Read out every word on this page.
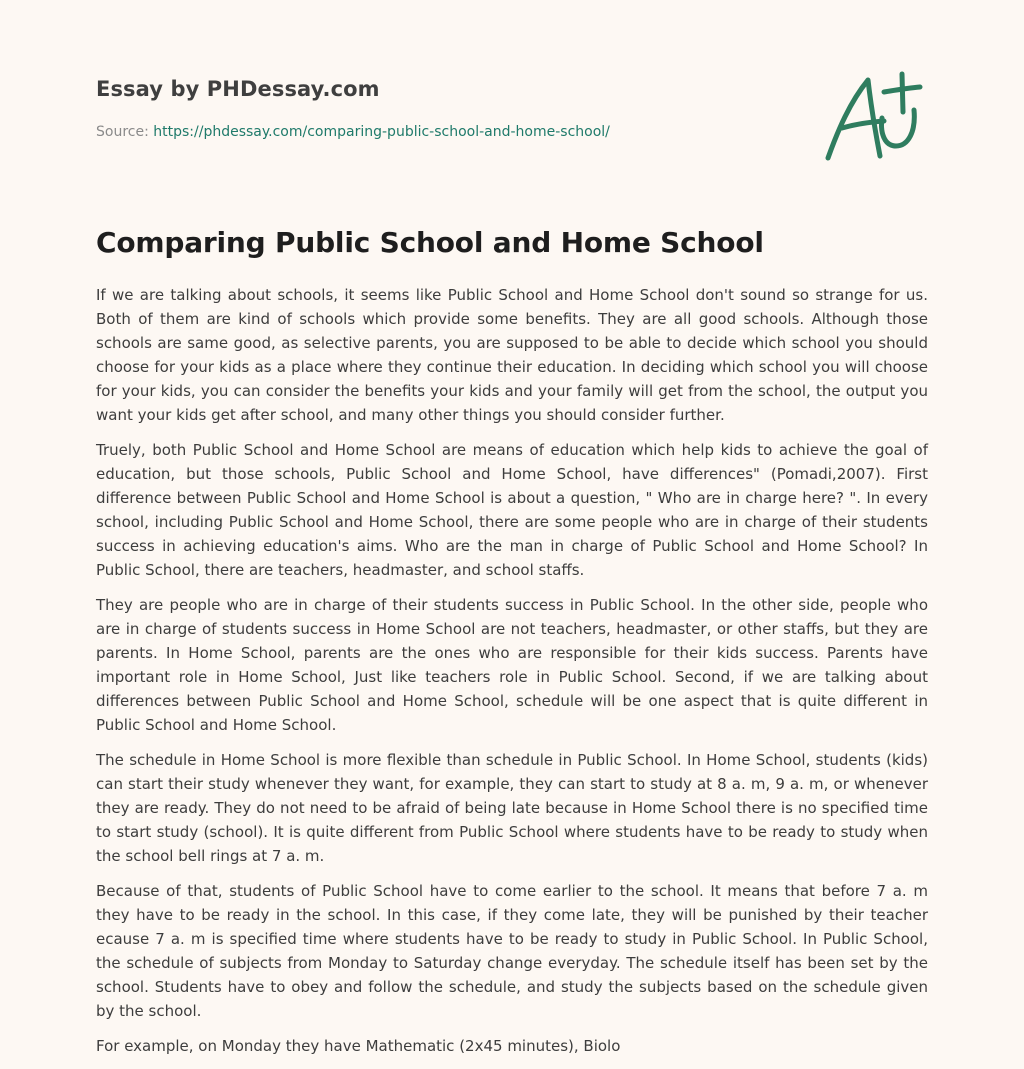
Essay by PHDessay.com
Source: https://phdessay.com/comparing-public-school-and-home-school/
Comparing Public School and Home School

If we are talking about schools, it seems like Public School and Home School don't sound so strange for us. Both of them are kind of schools which provide some benefits. They are all good schools. Although those schools are same good, as selective parents, you are supposed to be able to decide which school you should choose for your kids as a place where they continue their education. In deciding which school you will choose for your kids, you can consider the benefits your kids and your family will get from the school, the output you want your kids get after school, and many other things you should consider further.

Truely, both Public School and Home School are means of education which help kids to achieve the goal of education, but those schools, Public School and Home School, have differences" (Pomadi,2007). First difference between Public School and Home School is about a question, " Who are in charge here? ". In every school, including Public School and Home School, there are some people who are in charge of their students success in achieving education's aims. Who are the man in charge of Public School and Home School? In Public School, there are teachers, headmaster, and school staffs.

They are people who are in charge of their students success in Public School. In the other side, people who are in charge of students success in Home School are not teachers, headmaster, or other staffs, but they are parents. In Home School, parents are the ones who are responsible for their kids success. Parents have important role in Home School, Just like teachers role in Public School. Second, if we are talking about differences between Public School and Home School, schedule will be one aspect that is quite different in Public School and Home School.

The schedule in Home School is more flexible than schedule in Public School. In Home School, students (kids) can start their study whenever they want, for example, they can start to study at 8 a. m, 9 a. m, or whenever they are ready. They do not need to be afraid of being late because in Home School there is no specified time to start study (school). It is quite different from Public School where students have to be ready to study when the school bell rings at 7 a. m.

Because of that, students of Public School have to come earlier to the school. It means that before 7 a. m they have to be ready in the school. In this case, if they come late, they will be punished by their teacher ecause 7 a. m is specified time where students have to be ready to study in Public School. In Public School, the schedule of subjects from Monday to Saturday change everyday. The schedule itself has been set by the school. Students have to obey and follow the schedule, and study the subjects based on the schedule given by the school.

For example, on Monday they have Mathematic (2x45 minutes), Biolo
